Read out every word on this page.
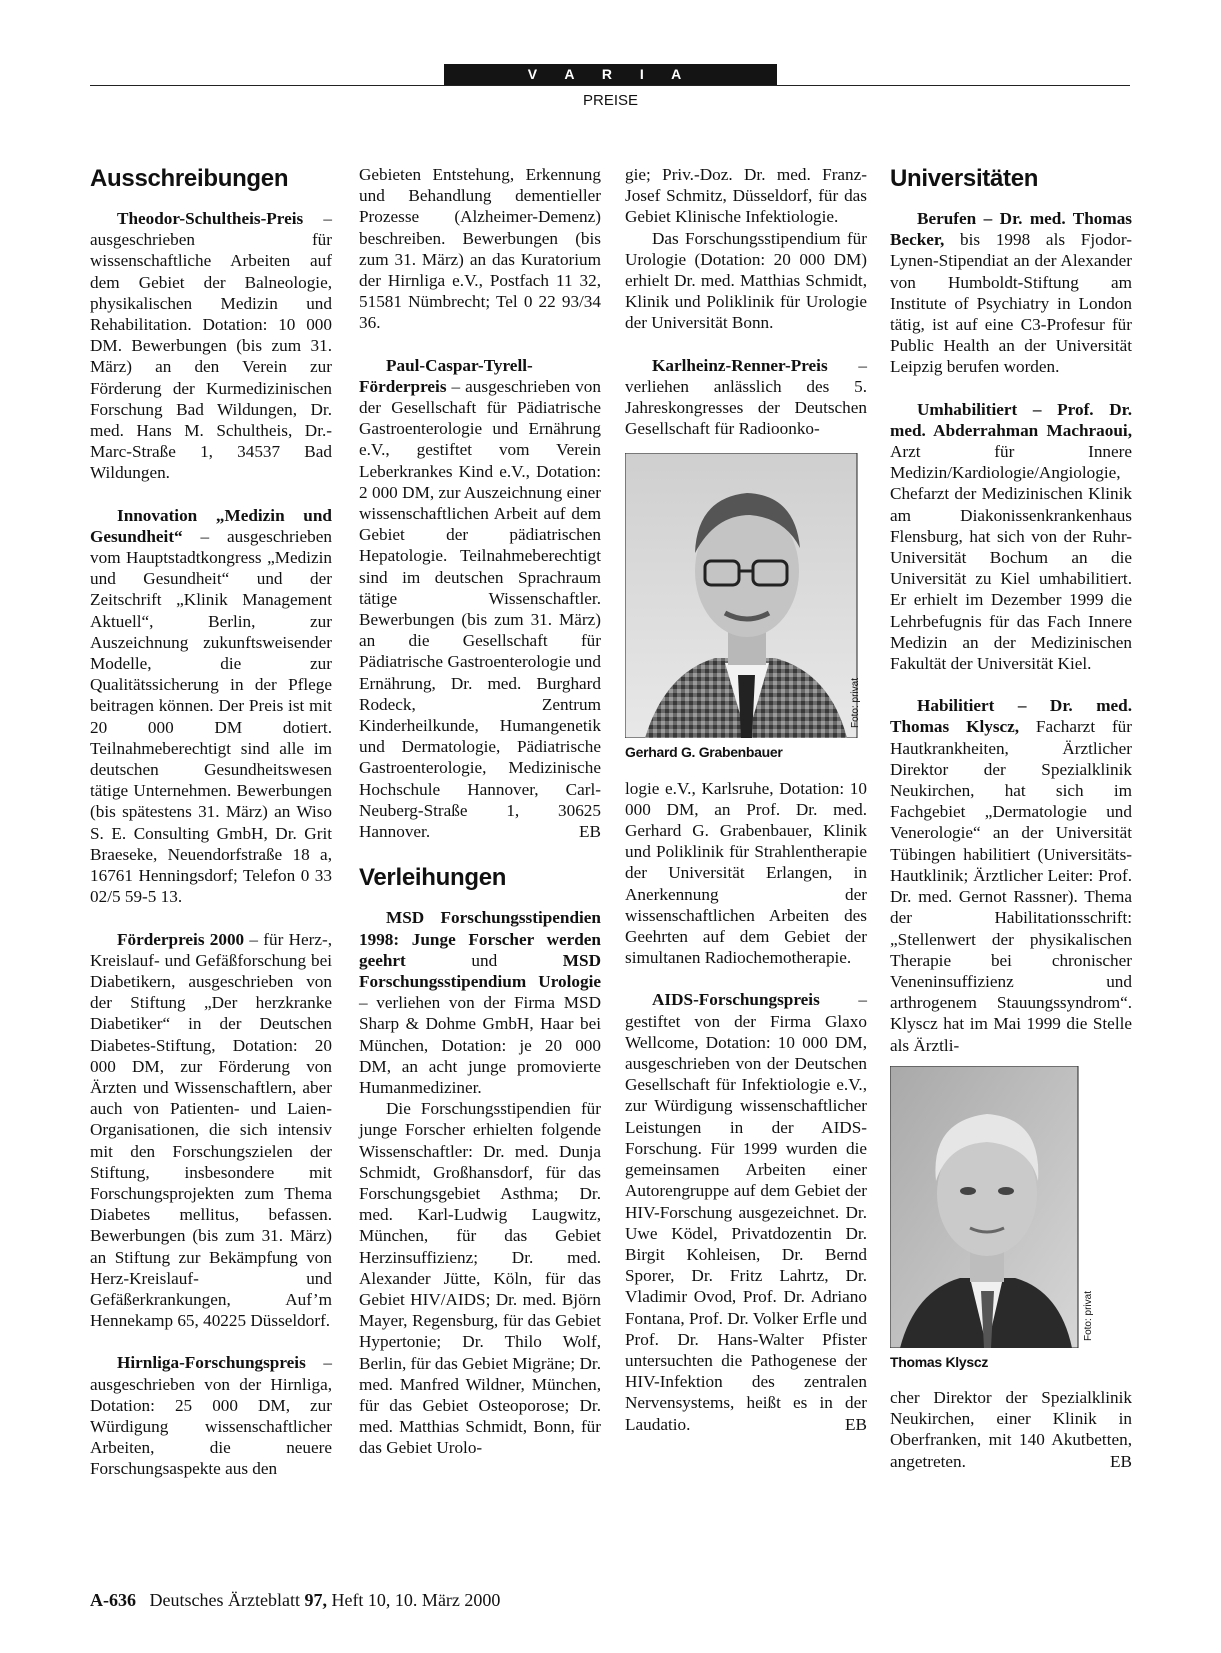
V A R I A
PREISE
Ausschreibungen

Theodor-Schultheis-Preis – ausgeschrieben für wissenschaftliche Arbeiten auf dem Gebiet der Balneologie, physikalischen Medizin und Rehabilitation. Dotation: 10 000 DM. Bewerbungen (bis zum 31. März) an den Verein zur Förderung der Kurmedizinischen Forschung Bad Wildungen, Dr. med. Hans M. Schultheis, Dr.-Marc-Straße 1, 34537 Bad Wildungen.

Innovation „Medizin und Gesundheit“ – ausgeschrieben vom Hauptstadtkongress „Medizin und Gesundheit“ und der Zeitschrift „Klinik Management Aktuell“, Berlin, zur Auszeichnung zukunftsweisender Modelle, die zur Qualitätssicherung in der Pflege beitragen können. Der Preis ist mit 20 000 DM dotiert. Teilnahmeberechtigt sind alle im deutschen Gesundheitswesen tätige Unternehmen. Bewerbungen (bis spätestens 31. März) an Wiso S. E. Consulting GmbH, Dr. Grit Braeseke, Neuendorfstraße 18 a, 16761 Henningsdorf; Telefon 0 33 02/5 59-5 13.

Förderpreis 2000 – für Herz-, Kreislauf- und Gefäßforschung bei Diabetikern, ausgeschrieben von der Stiftung „Der herzkranke Diabetiker“ in der Deutschen Diabetes-Stiftung, Dotation: 20 000 DM, zur Förderung von Ärzten und Wissenschaftlern, aber auch von Patienten- und Laien-Organisationen, die sich intensiv mit den Forschungszielen der Stiftung, insbesondere mit Forschungsprojekten zum Thema Diabetes mellitus, befassen. Bewerbungen (bis zum 31. März) an Stiftung zur Bekämpfung von Herz-Kreislauf- und Gefäßerkrankungen, Auf’m Hennekamp 65, 40225 Düsseldorf.

Hirnliga-Forschungspreis – ausgeschrieben von der Hirnliga, Dotation: 25 000 DM, zur Würdigung wissenschaftlicher Arbeiten, die neuere Forschungsaspekte aus den

Gebieten Entstehung, Erkennung und Behandlung dementieller Prozesse (Alzheimer-Demenz) beschreiben. Bewerbungen (bis zum 31. März) an das Kuratorium der Hirnliga e.V., Postfach 11 32, 51581 Nümbrecht; Tel 0 22 93/34 36.

Paul-Caspar-Tyrell-Förderpreis – ausgeschrieben von der Gesellschaft für Pädiatrische Gastroenterologie und Ernährung e.V., gestiftet vom Verein Leberkrankes Kind e.V., Dotation: 2 000 DM, zur Auszeichnung einer wissenschaftlichen Arbeit auf dem Gebiet der pädiatrischen Hepatologie. Teilnahmeberechtigt sind im deutschen Sprachraum tätige Wissenschaftler. Bewerbungen (bis zum 31. März) an die Gesellschaft für Pädiatrische Gastroenterologie und Ernährung, Dr. med. Burghard Rodeck, Zentrum Kinderheilkunde, Humangenetik und Dermatologie, Pädiatrische Gastroenterologie, Medizinische Hochschule Hannover, Carl-Neuberg-Straße 1, 30625 Hannover.	EB

Verleihungen

MSD Forschungsstipendien 1998: Junge Forscher werden geehrt und MSD Forschungsstipendium Urologie – verliehen von der Firma MSD Sharp & Dohme GmbH, Haar bei München, Dotation: je 20 000 DM, an acht junge promovierte Humanmediziner.

Die Forschungsstipendien für junge Forscher erhielten folgende Wissenschaftler: Dr. med. Dunja Schmidt, Großhansdorf, für das Forschungsgebiet Asthma; Dr. med. Karl-Ludwig Laugwitz, München, für das Gebiet Herzinsuffizienz; Dr. med. Alexander Jütte, Köln, für das Gebiet HIV/AIDS; Dr. med. Björn Mayer, Regensburg, für das Gebiet Hypertonie; Dr. Thilo Wolf, Berlin, für das Gebiet Migräne; Dr. med. Manfred Wildner, München, für das Gebiet Osteoporose; Dr. med. Matthias Schmidt, Bonn, für das Gebiet Urolo-

gie; Priv.-Doz. Dr. med. Franz-Josef Schmitz, Düsseldorf, für das Gebiet Klinische Infektiologie.

Das Forschungsstipendium für Urologie (Dotation: 20 000 DM) erhielt Dr. med. Matthias Schmidt, Klinik und Poliklinik für Urologie der Universität Bonn.

Karlheinz-Renner-Preis – verliehen anlässlich des 5. Jahreskongresses der Deutschen Gesellschaft für Radioonko-

Foto: privat
Gerhard G. Grabenbauer

logie e.V., Karlsruhe, Dotation: 10 000 DM, an Prof. Dr. med. Gerhard G. Grabenbauer, Klinik und Poliklinik für Strahlentherapie der Universität Erlangen, in Anerkennung der wissenschaftlichen Arbeiten des Geehrten auf dem Gebiet der simultanen Radiochemotherapie.

AIDS-Forschungspreis – gestiftet von der Firma Glaxo Wellcome, Dotation: 10 000 DM, ausgeschrieben von der Deutschen Gesellschaft für Infektiologie e.V., zur Würdigung wissenschaftlicher Leistungen in der AIDS-Forschung. Für 1999 wurden die gemeinsamen Arbeiten einer Autorengruppe auf dem Gebiet der HIV-Forschung ausgezeichnet. Dr. Uwe Ködel, Privatdozentin Dr. Birgit Kohleisen, Dr. Bernd Sporer, Dr. Fritz Lahrtz, Dr. Vladimir Ovod, Prof. Dr. Adriano Fontana, Prof. Dr. Volker Erfle und Prof. Dr. Hans-Walter Pfister untersuchten die Pathogenese der HIV-Infektion des zentralen Nervensystems, heißt es in der Laudatio.	EB

Universitäten

Berufen – Dr. med. Thomas Becker, bis 1998 als Fjodor-Lynen-Stipendiat an der Alexander von Humboldt-Stiftung am Institute of Psychiatry in London tätig, ist auf eine C3-Profesur für Public Health an der Universität Leipzig berufen worden.

Umhabilitiert – Prof. Dr. med. Abderrahman Machraoui, Arzt für Innere Medizin/Kardiologie/Angiologie, Chefarzt der Medizinischen Klinik am Diakonissenkrankenhaus Flensburg, hat sich von der Ruhr-Universität Bochum an die Universität zu Kiel umhabilitiert. Er erhielt im Dezember 1999 die Lehrbefugnis für das Fach Innere Medizin an der Medizinischen Fakultät der Universität Kiel.

Habilitiert – Dr. med. Thomas Klyscz, Facharzt für Hautkrankheiten, Ärztlicher Direktor der Spezialklinik Neukirchen, hat sich im Fachgebiet „Dermatologie und Venerologie“ an der Universität Tübingen habilitiert (Universitäts-Hautklinik; Ärztlicher Leiter: Prof. Dr. med. Gernot Rassner). Thema der Habilitationsschrift: „Stellenwert der physikalischen Therapie bei chronischer Veneninsuffizienz und arthrogenem Stauungssyndrom“. Klyscz hat im Mai 1999 die Stelle als Ärztli-

Foto: privat
Thomas Klyscz

cher Direktor der Spezialklinik Neukirchen, einer Klinik in Oberfranken, mit 140 Akutbetten, angetreten.	EB

A-636 Deutsches Ärzteblatt 97, Heft 10, 10. März 2000
